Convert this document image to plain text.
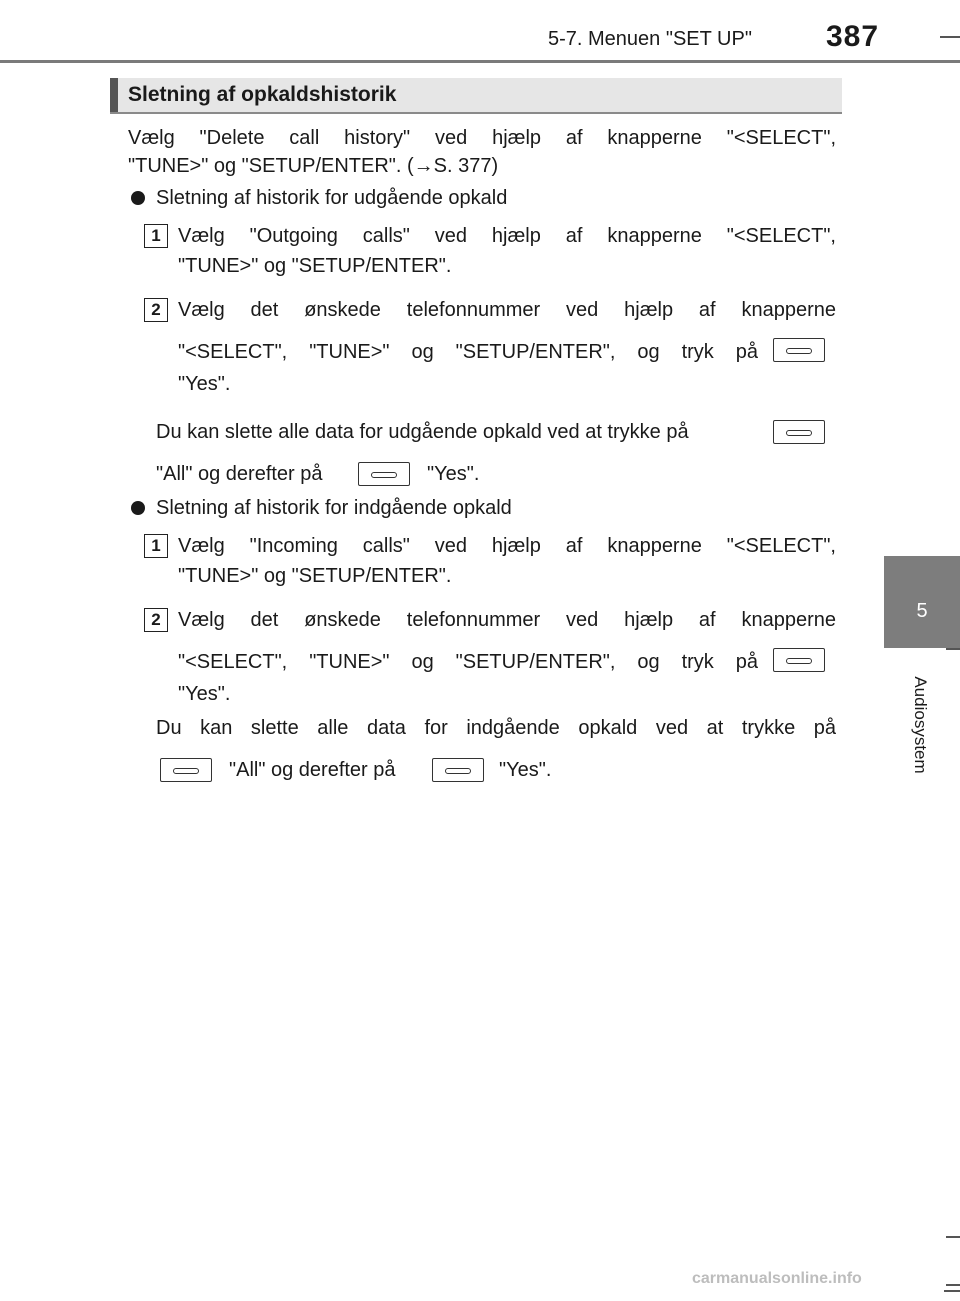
5-7. Menuen "SET UP" 387
5
Audiosystem
Sletning af opkaldshistorik
Vælg "Delete call history" ved hjælp af knapperne "<SELECT",
"TUNE>" og "SETUP/ENTER". (→S. 377)
Sletning af historik for udgående opkald
1 Vælg "Outgoing calls" ved hjælp af knapperne "<SELECT",
"TUNE>" og "SETUP/ENTER".
2 Vælg det ønskede telefonnummer ved hjælp af knapperne
"<SELECT", "TUNE>" og "SETUP/ENTER", og tryk på
"Yes".
Du kan slette alle data for udgående opkald ved at trykke på
"All" og derefter på	"Yes".
Sletning af historik for indgående opkald
1 Vælg "Incoming calls" ved hjælp af knapperne "<SELECT",
"TUNE>" og "SETUP/ENTER".
2 Vælg det ønskede telefonnummer ved hjælp af knapperne
"<SELECT", "TUNE>" og "SETUP/ENTER", og tryk på
"Yes".
Du kan slette alle data for indgående opkald ved at trykke på
"All" og derefter på	"Yes".
carmanualsonline.info
